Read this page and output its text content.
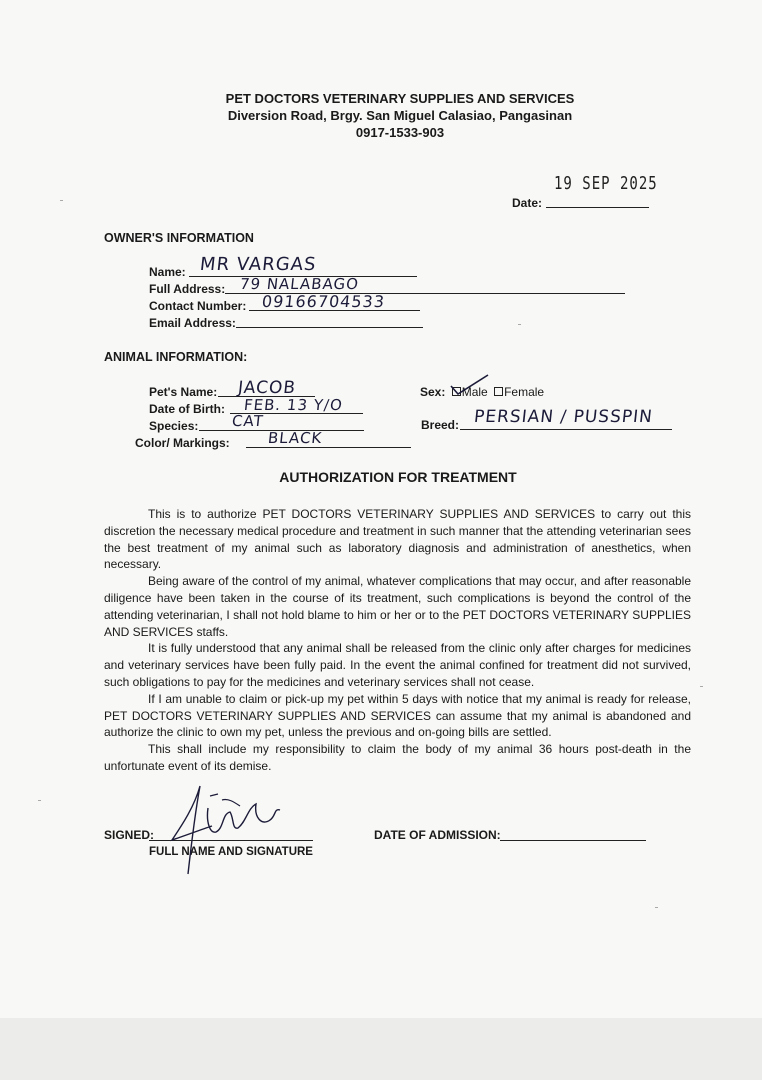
PET DOCTORS VETERINARY SUPPLIES AND SERVICES
Diversion Road, Brgy. San Miguel Calasiao, Pangasinan
0917-1533-903
19 SEP 2025
Date:
OWNER'S INFORMATION
Name: MR VARGAS
Full Address: 79 NALABAGO
Contact Number: 09166704533
Email Address:
ANIMAL INFORMATION:
Pet's Name: JACOB
Date of Birth: FEB. 13 Y/O
Species: CAT
Color/ Markings: BLACK
Sex: Male Female
Breed: PERSIAN / PUSSPIN
AUTHORIZATION FOR TREATMENT

This is to authorize PET DOCTORS VETERINARY SUPPLIES AND SERVICES to carry out this discretion the necessary medical procedure and treatment in such manner that the attending veterinarian sees the best treatment of my animal such as laboratory diagnosis and administration of anesthetics, when necessary.

Being aware of the control of my animal, whatever complications that may occur, and after reasonable diligence have been taken in the course of its treatment, such complications is beyond the control of the attending veterinarian, I shall not hold blame to him or her or to the PET DOCTORS VETERINARY SUPPLIES AND SERVICES staffs.

It is fully understood that any animal shall be released from the clinic only after charges for medicines and veterinary services have been fully paid. In the event the animal confined for treatment did not survived, such obligations to pay for the medicines and veterinary services shall not cease.

If I am unable to claim or pick-up my pet within 5 days with notice that my animal is ready for release, PET DOCTORS VETERINARY SUPPLIES AND SERVICES can assume that my animal is abandoned and authorize the clinic to own my pet, unless the previous and on-going bills are settled.

This shall include my responsibility to claim the body of my animal 36 hours post-death in the unfortunate event of its demise.

SIGNED:
FULL NAME AND SIGNATURE
DATE OF ADMISSION:
